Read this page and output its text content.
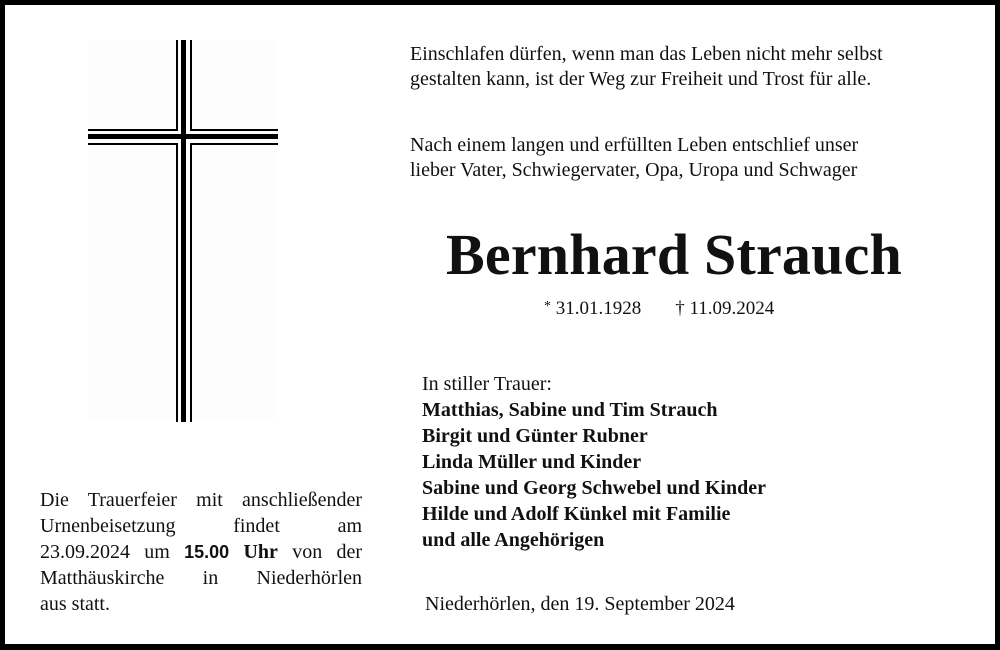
Einschlafen dürfen, wenn man das Leben nicht mehr selbst
gestalten kann, ist der Weg zur Freiheit und Trost für alle.
Nach einem langen und erfüllten Leben entschlief unser
lieber Vater, Schwiegervater, Opa, Uropa und Schwager
Bernhard Strauch
* 31.01.1928 † 11.09.2024
In stiller Trauer:
Matthias, Sabine und Tim Strauch
Birgit und Günter Rubner
Linda Müller und Kinder
Sabine und Georg Schwebel und Kinder
Hilde und Adolf Künkel mit Familie
und alle Angehörigen
Die Trauerfeier mit anschließender
Urnenbeisetzung	findet	am
23.09.2024 um 15.00 Uhr von der
Matthäuskirche in Niederhörlen
aus statt.	Niederhörlen, den 19. September 2024
